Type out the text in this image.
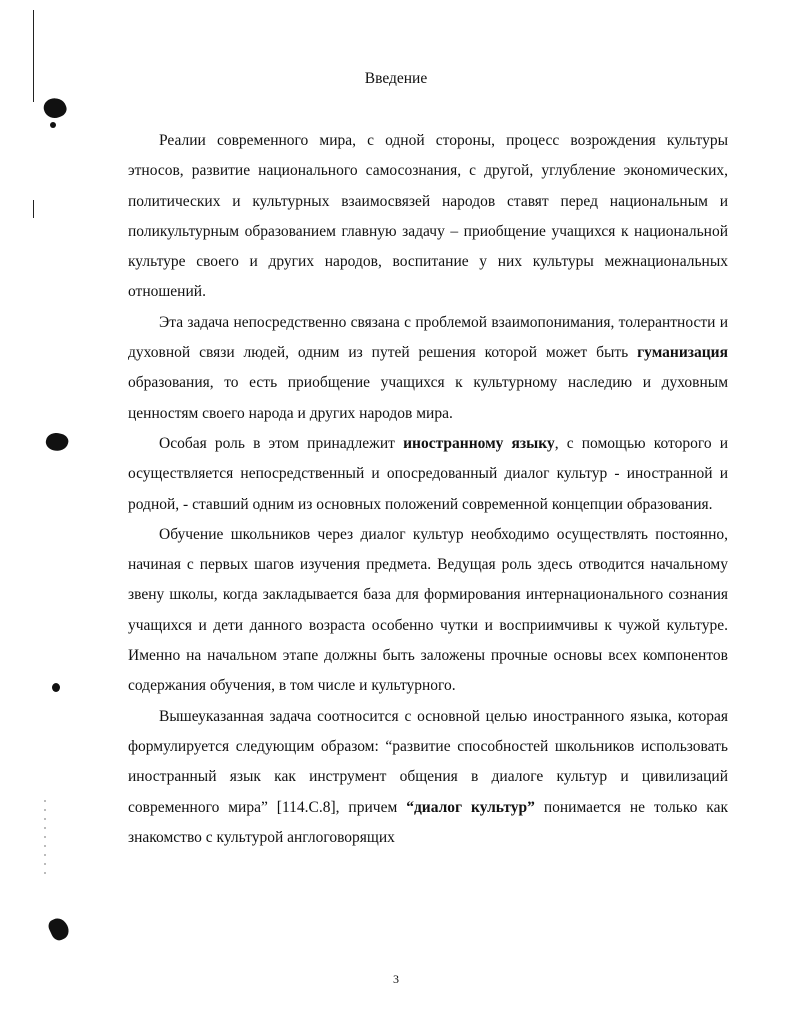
Введение

Реалии современного мира, с одной стороны, процесс возрождения культуры этносов, развитие национального самосознания, с другой, углубление экономических, политических и культурных взаимосвязей народов ставят перед национальным и поликультурным образованием главную задачу – приобщение учащихся к национальной культуре своего и других народов, воспитание у них культуры межнациональных отношений.

Эта задача непосредственно связана с проблемой взаимопонимания, толерантности и духовной связи людей, одним из путей решения которой может быть гуманизация образования, то есть приобщение учащихся к культурному наследию и духовным ценностям своего народа и других народов мира.

Особая роль в этом принадлежит иностранному языку, с помощью которого и осуществляется непосредственный и опосредованный диалог культур - иностранной и родной, - ставший одним из основных положений современной концепции образования.

Обучение школьников через диалог культур необходимо осуществлять постоянно, начиная с первых шагов изучения предмета. Ведущая роль здесь отводится начальному звену школы, когда закладывается база для формирования интернационального сознания учащихся и дети данного возраста особенно чутки и восприимчивы к чужой культуре. Именно на начальном этапе должны быть заложены прочные основы всех компонентов содержания обучения, в том числе и культурного.

Вышеуказанная задача соотносится с основной целью иностранного языка, которая формулируется следующим образом: “развитие способностей школьников использовать иностранный язык как инструмент общения в диалоге культур и цивилизаций современного мира” [114.С.8], причем “диалог культур” понимается не только как знакомство с культурой англоговорящих

3
